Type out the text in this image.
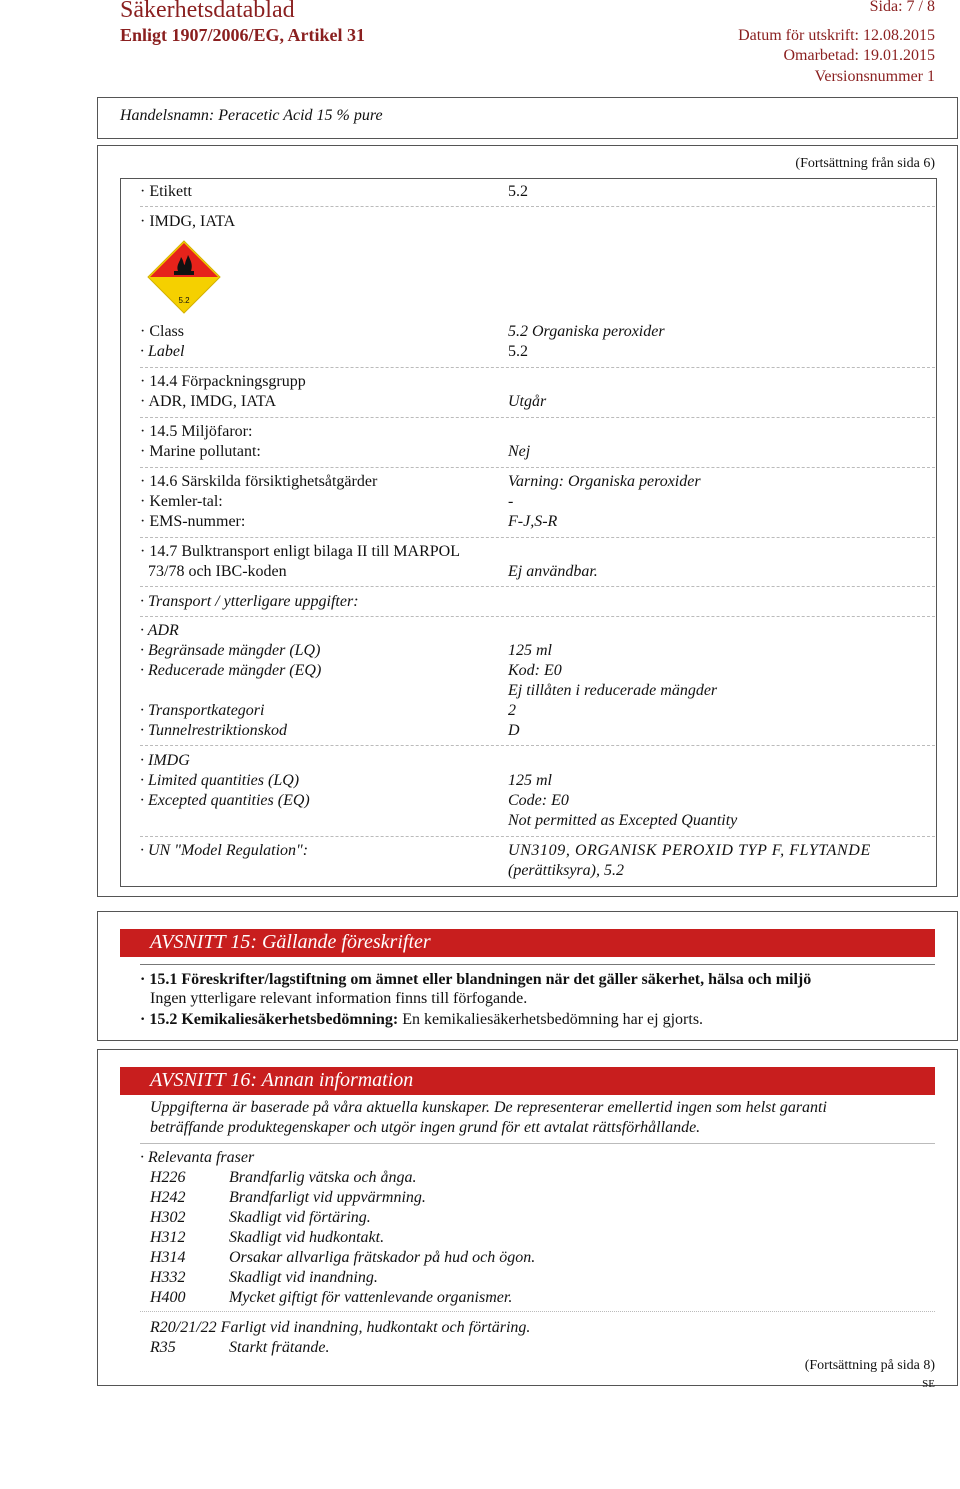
Säkerhetsdatablad
Enligt 1907/2006/EG, Artikel 31
Sida: 7 / 8
Datum för utskrift: 12.08.2015
Omarbetad: 19.01.2015
Versionsnummer 1
Handelsnamn: Peracetic Acid 15 % pure
(Fortsättning från sida 6)
· Etikett	5.2
· IMDG, IATA
5.2
· Class	5.2 Organiska peroxider
· Label	5.2
· 14.4 Förpackningsgrupp
· ADR, IMDG, IATA	Utgår
· 14.5 Miljöfaror:
· Marine pollutant:	Nej
· 14.6 Särskilda försiktighetsåtgärder	Varning: Organiska peroxider
· Kemler-tal:	-
· EMS-nummer:	F-J,S-R
· 14.7 Bulktransport enligt bilaga II till MARPOL
73/78 och IBC-koden	Ej användbar.
· Transport / ytterligare uppgifter:
· ADR
· Begränsade mängder (LQ)	125 ml
· Reducerade mängder (EQ)	Kod: E0
Ej tillåten i reducerade mängder
· Transportkategori	2
· Tunnelrestriktionskod	D
· IMDG
· Limited quantities (LQ)	125 ml
· Excepted quantities (EQ)	Code: E0
Not permitted as Excepted Quantity
· UN "Model Regulation":	UN3109, ORGANISK PEROXID TYP F, FLYTANDE
(perättiksyra), 5.2
AVSNITT 15: Gällande föreskrifter
· 15.1 Föreskrifter/lagstiftning om ämnet eller blandningen när det gäller säkerhet, hälsa och miljö
Ingen ytterligare relevant information finns till förfogande.
· 15.2 Kemikaliesäkerhetsbedömning: En kemikaliesäkerhetsbedömning har ej gjorts.
AVSNITT 16: Annan information
Uppgifterna är baserade på våra aktuella kunskaper. De representerar emellertid ingen som helst garanti
beträffande produktegenskaper och utgör ingen grund för ett avtalat rättsförhållande.
· Relevanta fraser
H226	Brandfarlig vätska och ånga.
H242	Brandfarligt vid uppvärmning.
H302	Skadligt vid förtäring.
H312	Skadligt vid hudkontakt.
H314	Orsakar allvarliga frätskador på hud och ögon.
H332	Skadligt vid inandning.
H400	Mycket giftigt för vattenlevande organismer.
R20/21/22 Farligt vid inandning, hudkontakt och förtäring.
R35	Starkt frätande.
(Fortsättning på sida 8)
SE
